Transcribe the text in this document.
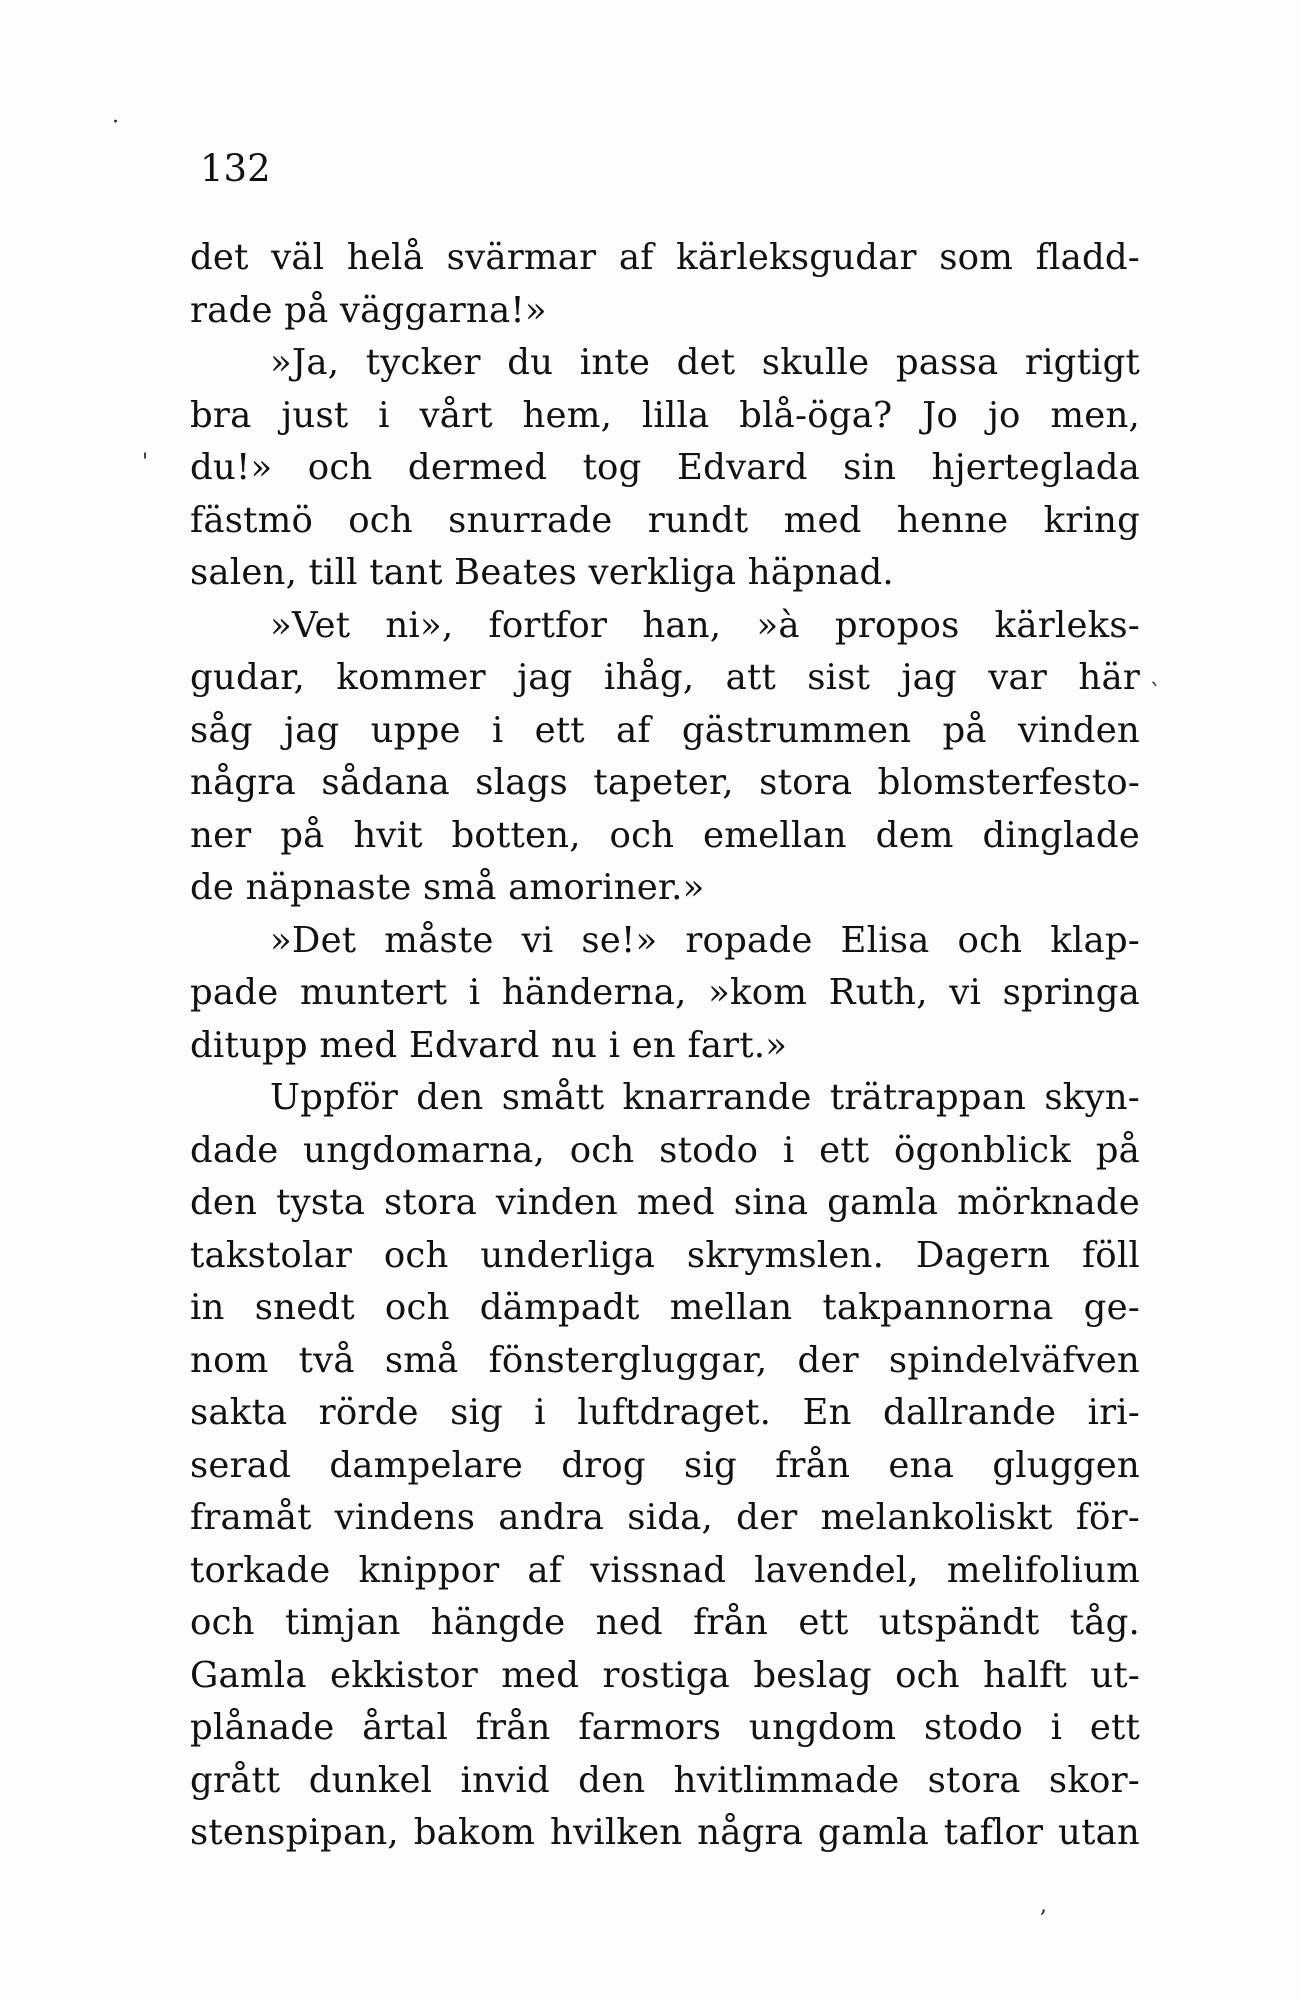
132
det väl helå svärmar af kärleksgudar som fladd-
rade på väggarna!»
»Ja, tycker du inte det skulle passa rigtigt
bra just i vårt hem, lilla blå-öga? Jo jo men,
du!» och dermed tog Edvard sin hjerteglada
fästmö och snurrade rundt med henne kring
salen, till tant Beates verkliga häpnad.
»Vet ni», fortfor han, »à propos kärleks-
gudar, kommer jag ihåg, att sist jag var här
såg jag uppe i ett af gästrummen på vinden
några sådana slags tapeter, stora blomsterfesto-
ner på hvit botten, och emellan dem dinglade
de näpnaste små amoriner.»
»Det måste vi se!» ropade Elisa och klap-
pade muntert i händerna, »kom Ruth, vi springa
ditupp med Edvard nu i en fart.»
Uppför den smått knarrande trätrappan skyn-
dade ungdomarna, och stodo i ett ögonblick på
den tysta stora vinden med sina gamla mörknade
takstolar och underliga skrymslen. Dagern föll
in snedt och dämpadt mellan takpannorna ge-
nom två små fönstergluggar, der spindelväfven
sakta rörde sig i luftdraget. En dallrande iri-
serad dampelare drog sig från ena gluggen
framåt vindens andra sida, der melankoliskt för-
torkade knippor af vissnad lavendel, melifolium
och timjan hängde ned från ett utspändt tåg.
Gamla ekkistor med rostiga beslag och halft ut-
plånade årtal från farmors ungdom stodo i ett
grått dunkel invid den hvitlimmade stora skor-
stenspipan, bakom hvilken några gamla taflor utan
·
'
`
,
